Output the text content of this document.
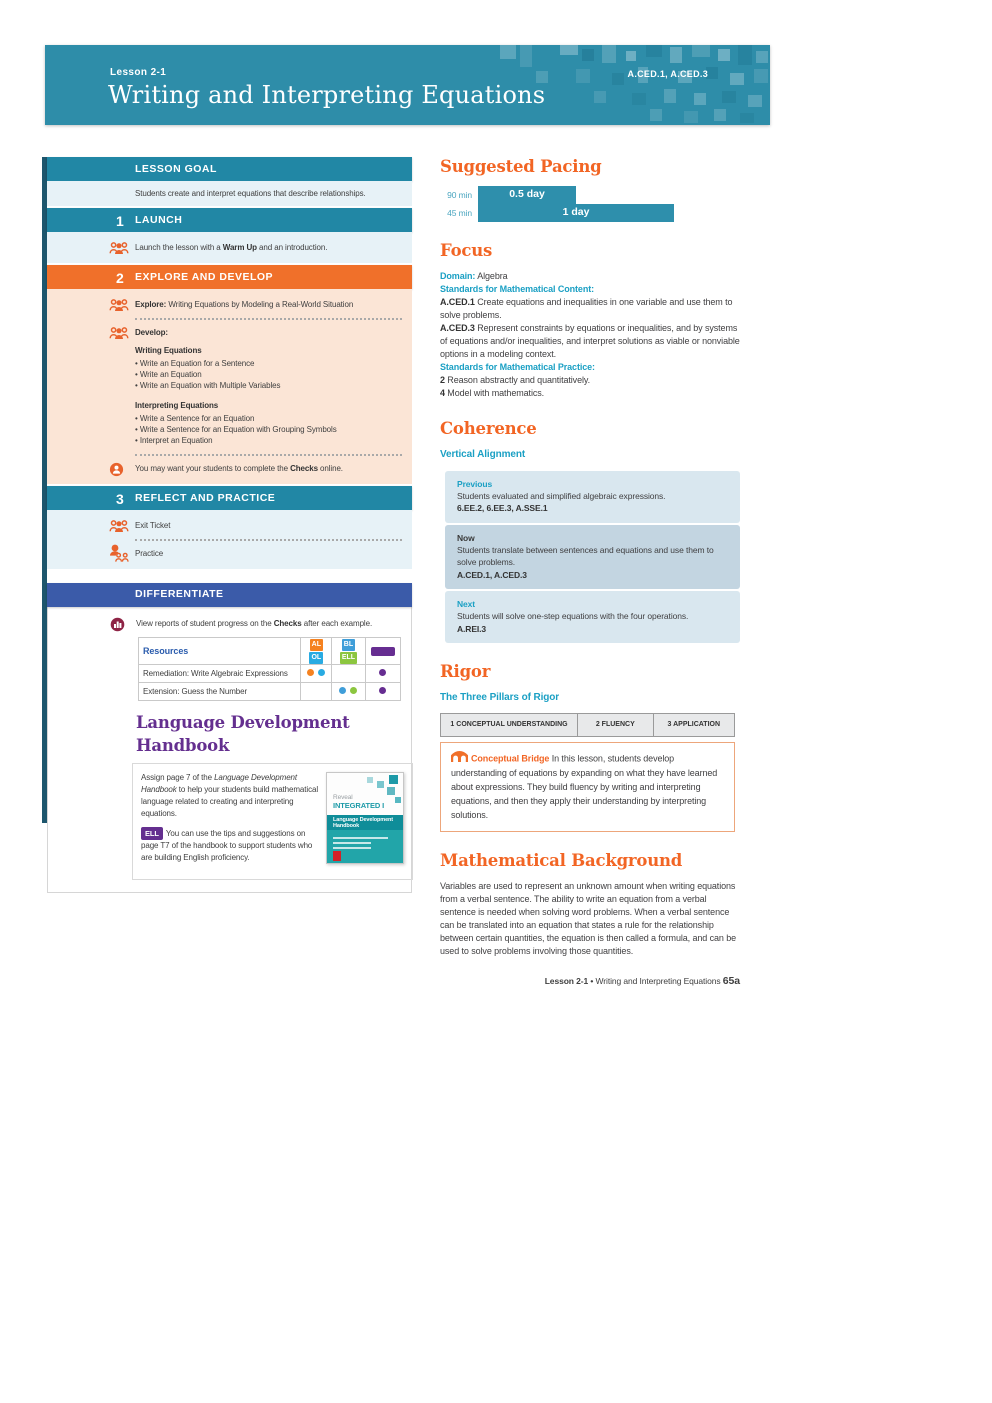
Lesson 2-1
Writing and Interpreting Equations
A.CED.1, A.CED.3
LESSON GOAL

Students create and interpret equations that describe relationships.

1	LAUNCH
Launch the lesson with a Warm Up and an introduction.
2	EXPLORE AND DEVELOP
Explore: Writing Equations by Modeling a Real-World Situation
Develop:
Writing Equations
• Write an Equation for a Sentence
• Write an Equation
• Write an Equation with Multiple Variables
Interpreting Equations
• Write a Sentence for an Equation
• Write a Sentence for an Equation with Grouping Symbols
• Interpret an Equation
You may want your students to complete the Checks online.
3	REFLECT AND PRACTICE
Exit Ticket
Practice
DIFFERENTIATE
View reports of student progress on the Checks after each example.
Resources	ALOL	BLELL	
Remediation: Write Algebraic Expressions			
Extension: Guess the Number			
Language Development Handbook

Assign page 7 of the Language Development Handbook to help your students build mathematical language related to creating and interpreting equations.

ELL You can use the tips and suggestions on page T7 of the handbook to support students who are building English proficiency.

Reveal
INTEGRATED I
Language Development Handbook
Suggested Pacing
90 min	0.5 day
45 min	1 day
Focus

Domain: Algebra

Standards for Mathematical Content:

A.CED.1 Create equations and inequalities in one variable and use them to solve problems.

A.CED.3 Represent constraints by equations or inequalities, and by systems of equations and/or inequalities, and interpret solutions as viable or nonviable options in a modeling context.

Standards for Mathematical Practice:

2 Reason abstractly and quantitatively.

4 Model with mathematics.

Coherence
Vertical Alignment
Previous
Students evaluated and simplified algebraic expressions.
6.EE.2, 6.EE.3, A.SSE.1
Now
Students translate between sentences and equations and use them to solve problems.
A.CED.1, A.CED.3
Next
Students will solve one-step equations with the four operations.
A.REI.3
Rigor
The Three Pillars of Rigor
1 CONCEPTUAL UNDERSTANDING	2 FLUENCY	3 APPLICATION
Conceptual Bridge In this lesson, students develop understanding of equations by expanding on what they have learned about expressions. They build fluency by writing and interpreting equations, and then they apply their understanding by interpreting solutions.
Mathematical Background

Variables are used to represent an unknown amount when writing equations from a verbal sentence. The ability to write an equation from a verbal sentence is needed when solving word problems. When a verbal sentence can be translated into an equation that states a rule for the relationship between certain quantities, the equation is then called a formula, and can be used to solve problems involving those quantities.

Lesson 2-1 • Writing and Interpreting Equations 65a
